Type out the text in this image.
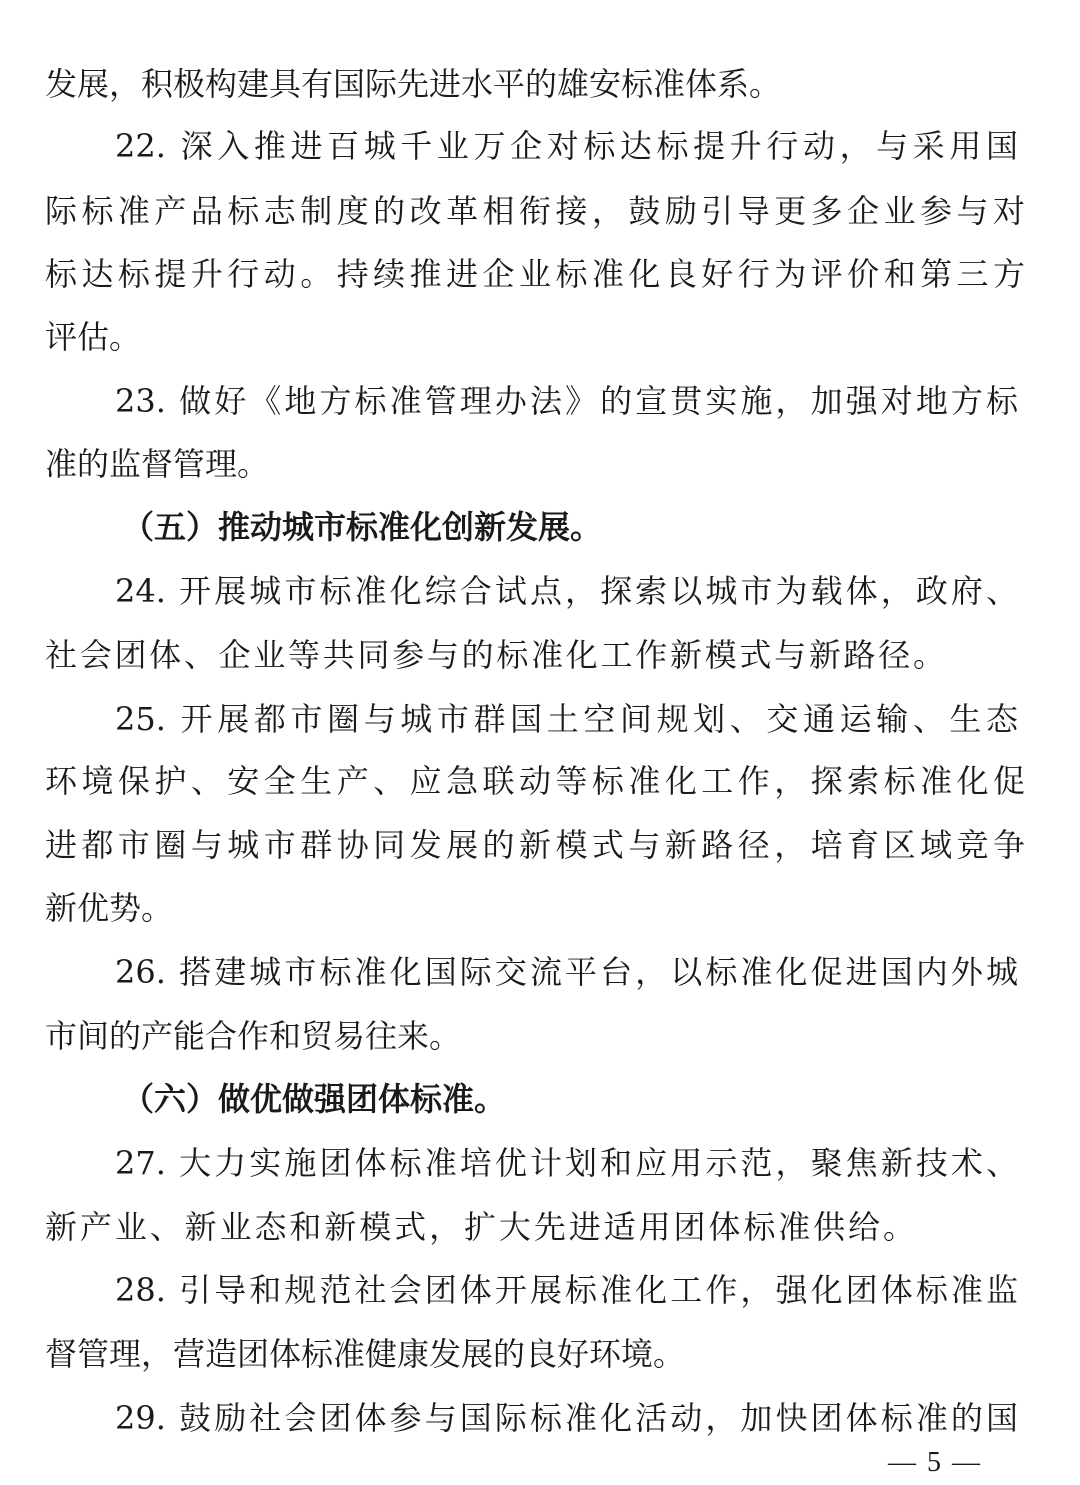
发展，积极构建具有国际先进水平的雄安标准体系。
22. 深入推进百城千业万企对标达标提升行动，与采用国
际标准产品标志制度的改革相衔接，鼓励引导更多企业参与对
标达标提升行动。持续推进企业标准化良好行为评价和第三方
评估。
23. 做好《地方标准管理办法》的宣贯实施，加强对地方标
准的监督管理。
（五）推动城市标准化创新发展。
24. 开展城市标准化综合试点，探索以城市为载体，政府、
社会团体、企业等共同参与的标准化工作新模式与新路径。
25. 开展都市圈与城市群国土空间规划、交通运输、生态
环境保护、安全生产、应急联动等标准化工作，探索标准化促
进都市圈与城市群协同发展的新模式与新路径，培育区域竞争
新优势。
26. 搭建城市标准化国际交流平台，以标准化促进国内外城
市间的产能合作和贸易往来。
（六）做优做强团体标准。
27. 大力实施团体标准培优计划和应用示范，聚焦新技术、
新产业、新业态和新模式，扩大先进适用团体标准供给。
28. 引导和规范社会团体开展标准化工作，强化团体标准监
督管理，营造团体标准健康发展的良好环境。
29. 鼓励社会团体参与国际标准化活动，加快团体标准的国
— 5 —
